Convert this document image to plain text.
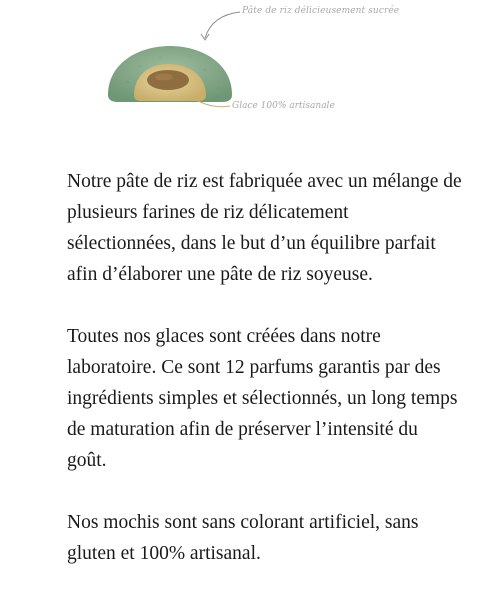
Pâte de riz délicieusement sucrée
Glace 100% artisanale

Notre pâte de riz est fabriquée avec un mélange de plusieurs farines de riz délicatement sélectionnées, dans le but d’un équilibre parfait afin d’élaborer une pâte de riz soyeuse.

Toutes nos glaces sont créées dans notre laboratoire. Ce sont 12 parfums garantis par des ingrédients simples et sélectionnés, un long temps de maturation afin de préserver l’intensité du goût.

Nos mochis sont sans colorant artificiel, sans gluten et 100% artisanal.
